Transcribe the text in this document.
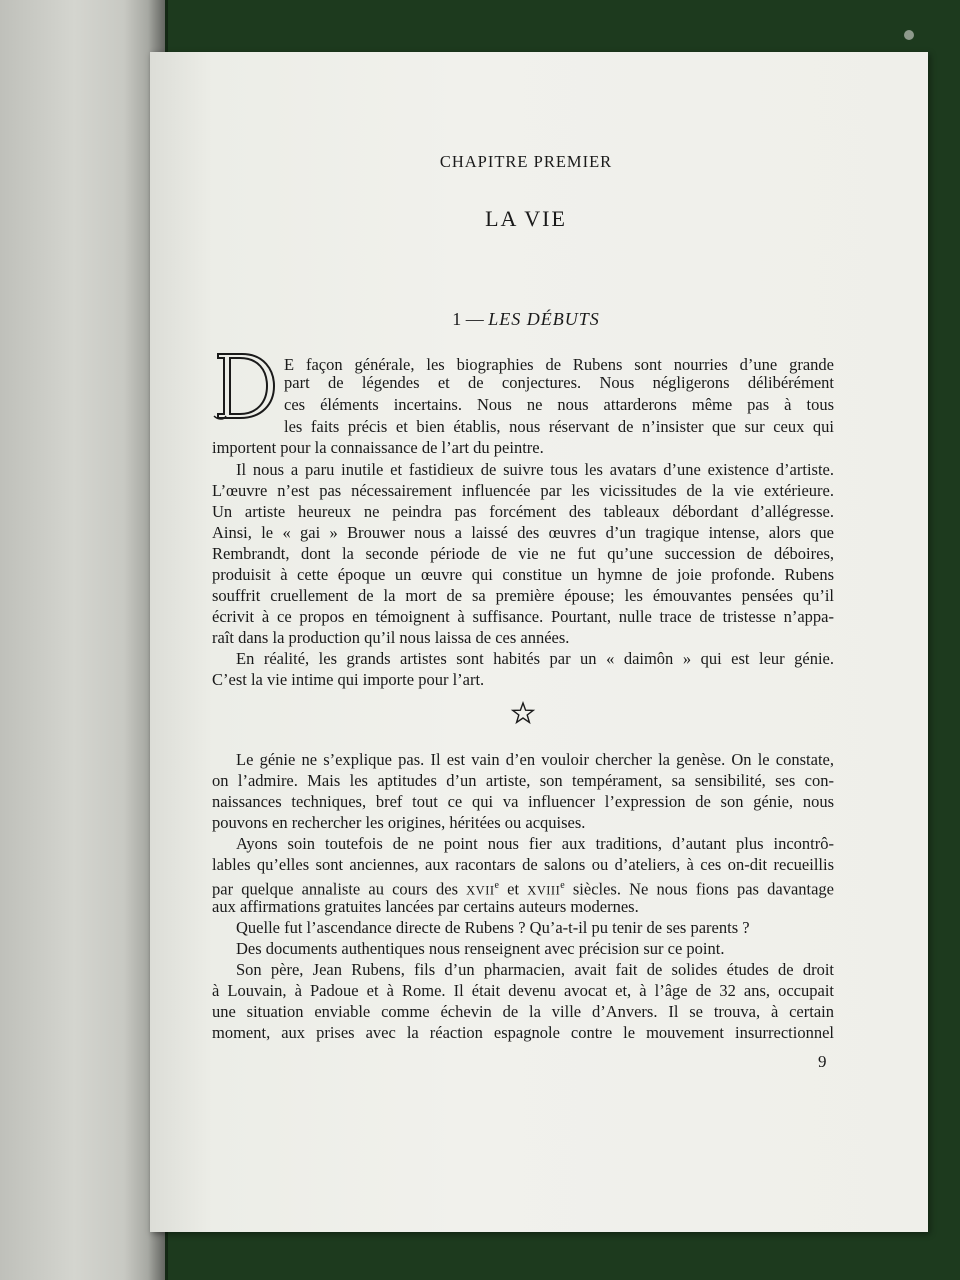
CHAPITRE PREMIER
LA VIE
1 — LES DÉBUTS
E façon générale, les biographies de Rubens sont nourries d’une grande
part de légendes et de conjectures. Nous négligerons délibérément
ces éléments incertains. Nous ne nous attarderons même pas à tous
les faits précis et bien établis, nous réservant de n’insister que sur ceux qui
importent pour la connaissance de l’art du peintre.
Il nous a paru inutile et fastidieux de suivre tous les avatars d’une existence d’artiste.
L’œuvre n’est pas nécessairement influencée par les vicissitudes de la vie extérieure.
Un artiste heureux ne peindra pas forcément des tableaux débordant d’allégresse.
Ainsi, le « gai » Brouwer nous a laissé des œuvres d’un tragique intense, alors que
Rembrandt, dont la seconde période de vie ne fut qu’une succession de déboires,
produisit à cette époque un œuvre qui constitue un hymne de joie profonde. Rubens
souffrit cruellement de la mort de sa première épouse; les émouvantes pensées qu’il
écrivit à ce propos en témoignent à suffisance. Pourtant, nulle trace de tristesse n’appa-
raît dans la production qu’il nous laissa de ces années.
En réalité, les grands artistes sont habités par un « daimôn » qui est leur génie.
C’est la vie intime qui importe pour l’art.
Le génie ne s’explique pas. Il est vain d’en vouloir chercher la genèse. On le constate,
on l’admire. Mais les aptitudes d’un artiste, son tempérament, sa sensibilité, ses con-
naissances techniques, bref tout ce qui va influencer l’expression de son génie, nous
pouvons en rechercher les origines, héritées ou acquises.
Ayons soin toutefois de ne point nous fier aux traditions, d’autant plus incontrô-
lables qu’elles sont anciennes, aux racontars de salons ou d’ateliers, à ces on-dit recueillis
par quelque annaliste au cours des XVIIe et XVIIIe siècles. Ne nous fions pas davantage
aux affirmations gratuites lancées par certains auteurs modernes.
Quelle fut l’ascendance directe de Rubens ? Qu’a-t-il pu tenir de ses parents ?
Des documents authentiques nous renseignent avec précision sur ce point.
Son père, Jean Rubens, fils d’un pharmacien, avait fait de solides études de droit
à Louvain, à Padoue et à Rome. Il était devenu avocat et, à l’âge de 32 ans, occupait
une situation enviable comme échevin de la ville d’Anvers. Il se trouva, à certain
moment, aux prises avec la réaction espagnole contre le mouvement insurrectionnel
9
